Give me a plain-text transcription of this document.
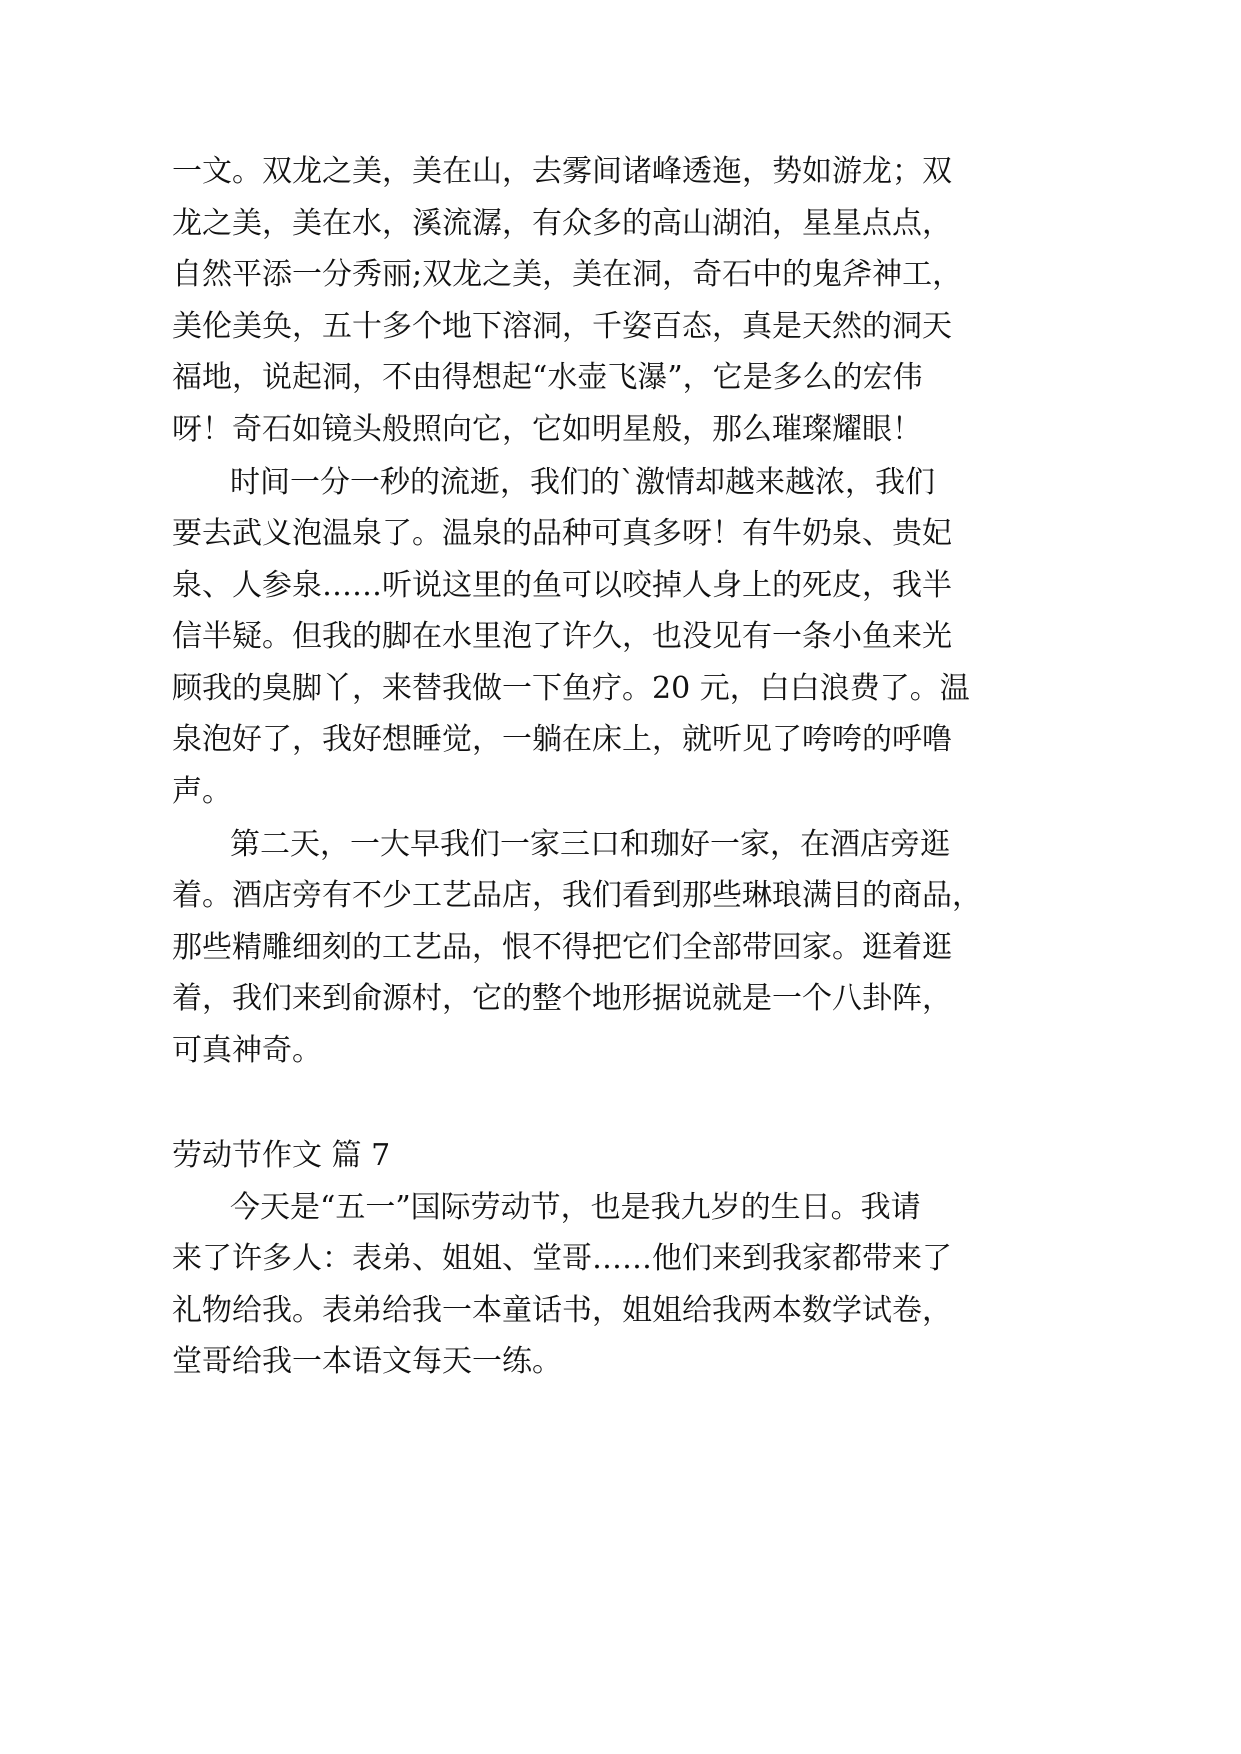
一文。双龙之美，美在山，去雾间诸峰透迤，势如游龙；双
龙之美，美在水，溪流潺，有众多的高山湖泊，星星点点，
自然平添一分秀丽;双龙之美，美在洞，奇石中的鬼斧神工，
美伦美奂，五十多个地下溶洞，千姿百态，真是天然的洞天
福地，说起洞，不由得想起“水壶飞瀑”，它是多么的宏伟
呀！奇石如镜头般照向它，它如明星般，那么璀璨耀眼！
时间一分一秒的流逝，我们的`激情却越来越浓，我们
要去武义泡温泉了。温泉的品种可真多呀！有牛奶泉、贵妃
泉、人参泉……听说这里的鱼可以咬掉人身上的死皮，我半
信半疑。但我的脚在水里泡了许久，也没见有一条小鱼来光
顾我的臭脚丫，来替我做一下鱼疗。20 元，白白浪费了。温
泉泡好了，我好想睡觉，一躺在床上，就听见了咵咵的呼噜
声。
第二天，一大早我们一家三口和珈好一家，在酒店旁逛
着。酒店旁有不少工艺品店，我们看到那些琳琅满目的商品，
那些精雕细刻的工艺品，恨不得把它们全部带回家。逛着逛
着，我们来到俞源村，它的整个地形据说就是一个八卦阵，
可真神奇。
劳动节作文 篇 7
今天是“五一”国际劳动节，也是我九岁的生日。我请
来了许多人：表弟、姐姐、堂哥……他们来到我家都带来了
礼物给我。表弟给我一本童话书，姐姐给我两本数学试卷，
堂哥给我一本语文每天一练。
